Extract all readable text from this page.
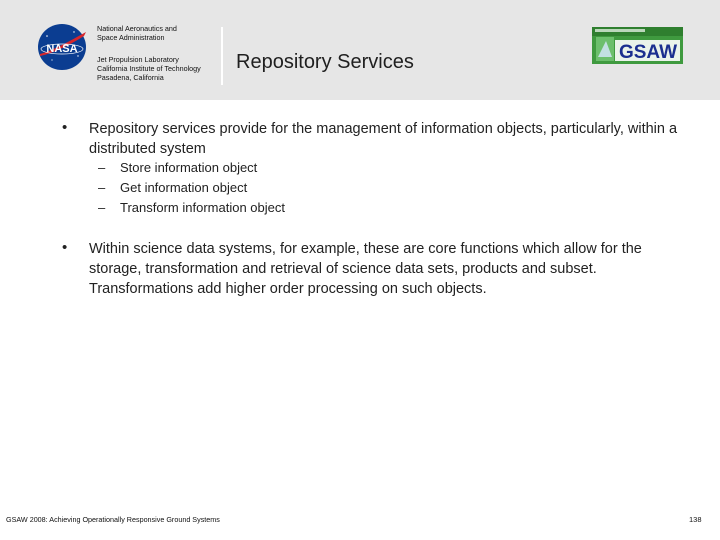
NASA
National Aeronautics and
Space Administration
Jet Propulsion Laboratory
California Institute of Technology
Pasadena, California
Repository Services	GSAW
• Repository services provide for the management of information objects, particularly, within a distributed system
– Store information object
– Get information object
– Transform information object
• Within science data systems, for example, these are core functions which allow for the storage, transformation and retrieval of science data sets, products and subset. Transformations add higher order processing on such objects.
GSAW 2008: Achieving Operationally Responsive Ground Systems	138
